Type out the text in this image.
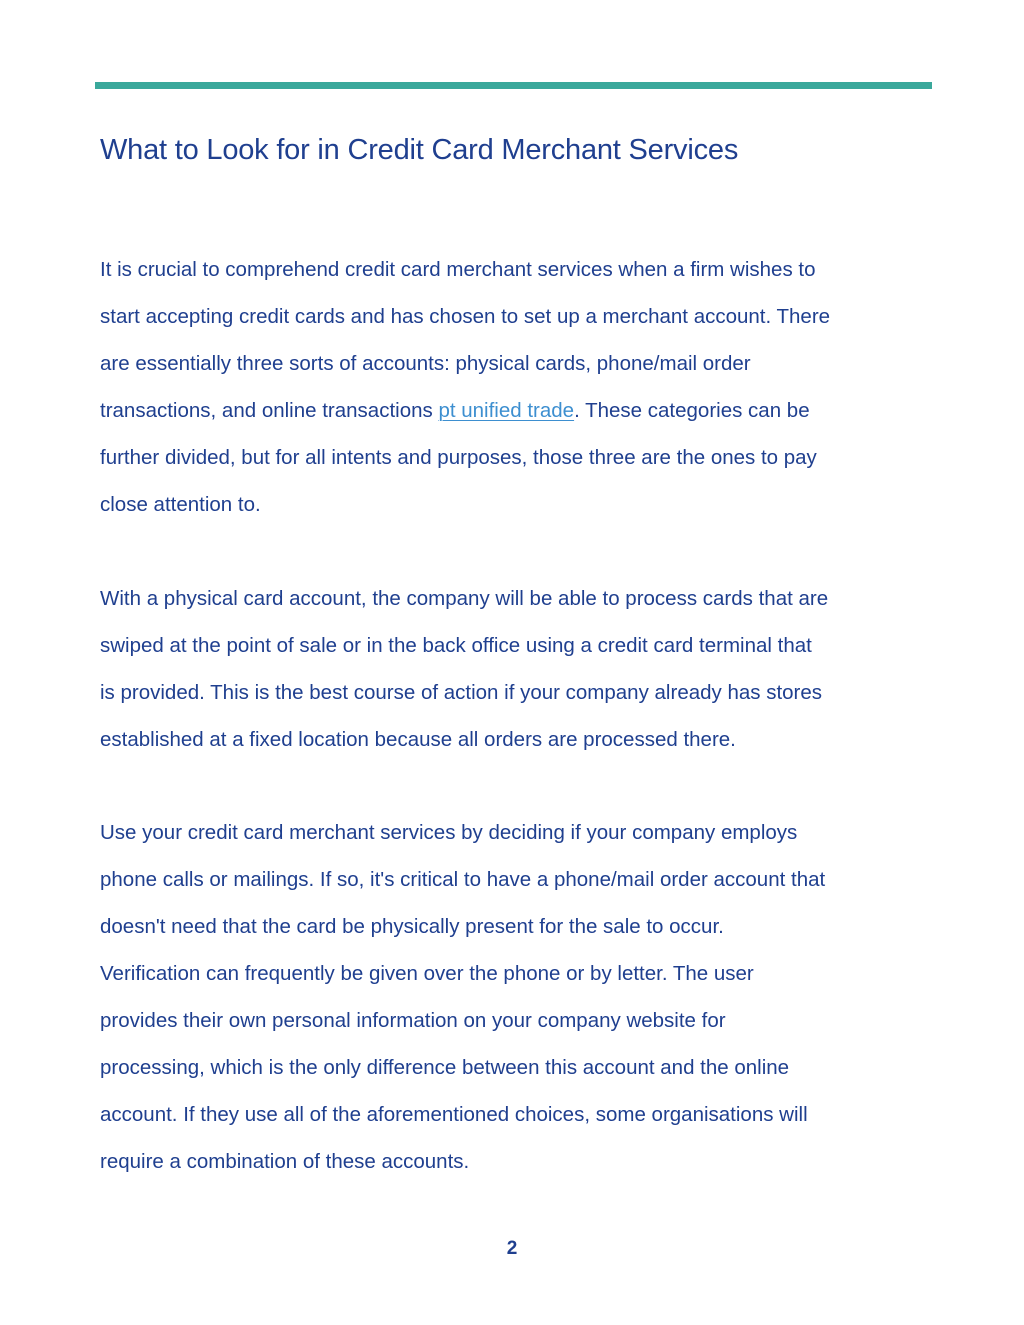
What to Look for in Credit Card Merchant Services
It is crucial to comprehend credit card merchant services when a firm wishes to
start accepting credit cards and has chosen to set up a merchant account. There
are essentially three sorts of accounts: physical cards, phone/mail order
transactions, and online transactions pt unified trade. These categories can be
further divided, but for all intents and purposes, those three are the ones to pay
close attention to.
With a physical card account, the company will be able to process cards that are
swiped at the point of sale or in the back office using a credit card terminal that
is provided. This is the best course of action if your company already has stores
established at a fixed location because all orders are processed there.
Use your credit card merchant services by deciding if your company employs
phone calls or mailings. If so, it's critical to have a phone/mail order account that
doesn't need that the card be physically present for the sale to occur.
Verification can frequently be given over the phone or by letter. The user
provides their own personal information on your company website for
processing, which is the only difference between this account and the online
account. If they use all of the aforementioned choices, some organisations will
require a combination of these accounts.
2
